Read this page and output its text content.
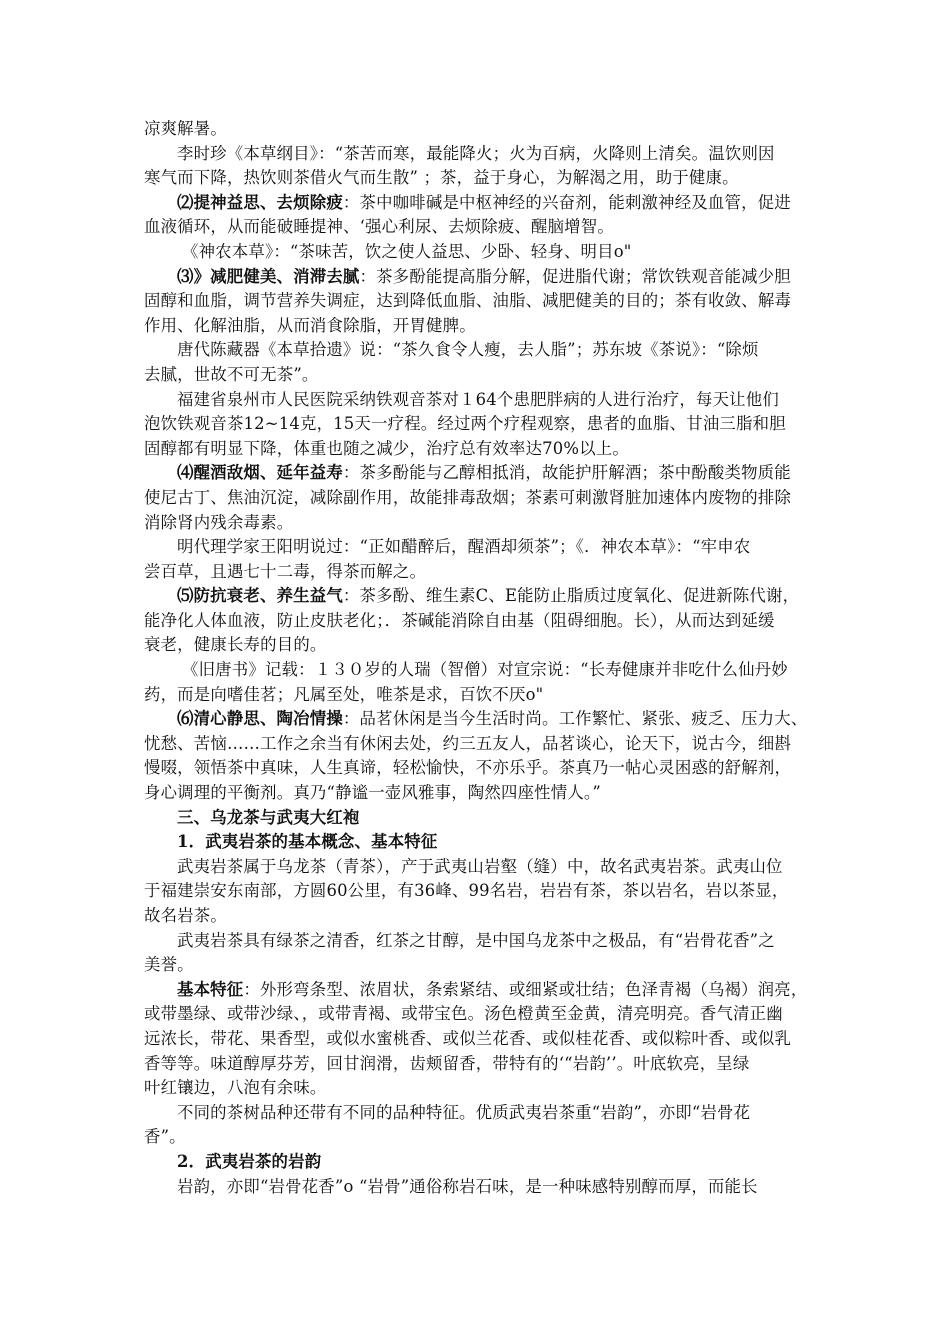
凉爽解暑。
李时珍《本草纲目》：“茶苦而寒，最能降火；火为百病，火降则上清矣。温饮则因
寒气而下降，热饮则茶借火气而生散” ；茶，益于身心，为解渴之用，助于健康。
⑵提神益思、去烦除疲：茶中咖啡碱是中枢神经的兴奋剂，能刺激神经及血管，促进
血液循环，从而能破睡提神、‘强心利尿、去烦除疲、醒脑增智。
《神农本草》：“茶味苦，饮之使人益思、少卧、轻身、明目o"
⑶》减肥健美、消滞去腻：茶多酚能提高脂分解，促进脂代谢；常饮铁观音能减少胆
固醇和血脂，调节营养失调症，达到降低血脂、油脂、减肥健美的目的；茶有收敛、解毒
作用、化解油脂，从而消食除脂，开胃健脾。
唐代陈藏器《本草拾遗》说：“茶久食令人瘦，去人脂”；苏东坡《茶说》：“除烦
去腻，世故不可无茶”。
福建省泉州市人民医院采纳铁观音茶对１64个患肥胖病的人进行治疗，每天让他们
泡饮铁观音茶12~14克，15天一疗程。经过两个疗程观察，患者的血脂、甘油三脂和胆
固醇都有明显下降，体重也随之减少，治疗总有效率达70%以上。
⑷醒酒敌烟、延年益寿：茶多酚能与乙醇相抵消，故能护肝解酒；茶中酚酸类物质能
使尼古丁、焦油沉淀，减除副作用，故能排毒敌烟；茶素可刺激肾脏加速体内废物的排除
消除肾内残余毒素。
明代理学家王阳明说过：“正如醋醉后，醒酒却须茶”；《．神农本草》：“牢申农
尝百草，且遇七十二毒，得茶而解之。
⑸防抗衰老、养生益气：茶多酚、维生素C、E能防止脂质过度氧化、促进新陈代谢，
能净化人体血液，防止皮肤老化；．茶碱能消除自由基（阻碍细胞。长），从而达到延缓
衰老，健康长寿的目的。
《旧唐书》记载：１３０岁的人瑞（智僧）对宣宗说：“长寿健康并非吃什么仙丹妙
药，而是向嗜佳茗；凡属至处，唯茶是求，百饮不厌o"
⑹清心静思、陶冶情操：品茗休闲是当今生活时尚。工作繁忙、紧张、疲乏、压力大、
忧愁、苦恼……工作之余当有休闲去处，约三五友人，品茗谈心，论天下，说古今，细斟
慢啜，领悟茶中真味，人生真谛，轻松愉快，不亦乐乎。茶真乃一帖心灵困惑的舒解剂，
身心调理的平衡剂。真乃“静谧一壶风雅事，陶然四座性情人。”
三、乌龙茶与武夷大红袍
1．武夷岩茶的基本概念、基本特征
武夷岩茶属于乌龙茶（青茶），产于武夷山岩壑（缝）中，故名武夷岩茶。武夷山位
于福建崇安东南部，方圆60公里，有36峰、99名岩，岩岩有茶，茶以岩名，岩以茶显，
故名岩茶。
武夷岩茶具有绿茶之清香，红茶之甘醇，是中国乌龙茶中之极品，有“岩骨花香”之
美誉。
基本特征：外形弯条型、浓眉状，条索紧结、或细紧或壮结；色泽青褐（乌褐）润亮，
或带墨绿、或带沙绿、，或带青褐、或带宝色。汤色橙黄至金黄，清亮明亮。香气清正幽
远浓长，带花、果香型，或似水蜜桃香、或似兰花香、或似桂花香、或似粽叶香、或似乳
香等等。味道醇厚芬芳，回甘润滑，齿颊留香，带特有的‘“岩韵’’。叶底软亮，呈绿
叶红镶边，八泡有余味。
不同的茶树品种还带有不同的品种特征。优质武夷岩茶重“岩韵”，亦即“岩骨花
香”。
2．武夷岩茶的岩韵
岩韵，亦即“岩骨花香”o “岩骨”通俗称岩石味，是一种味感特别醇而厚，而能长
